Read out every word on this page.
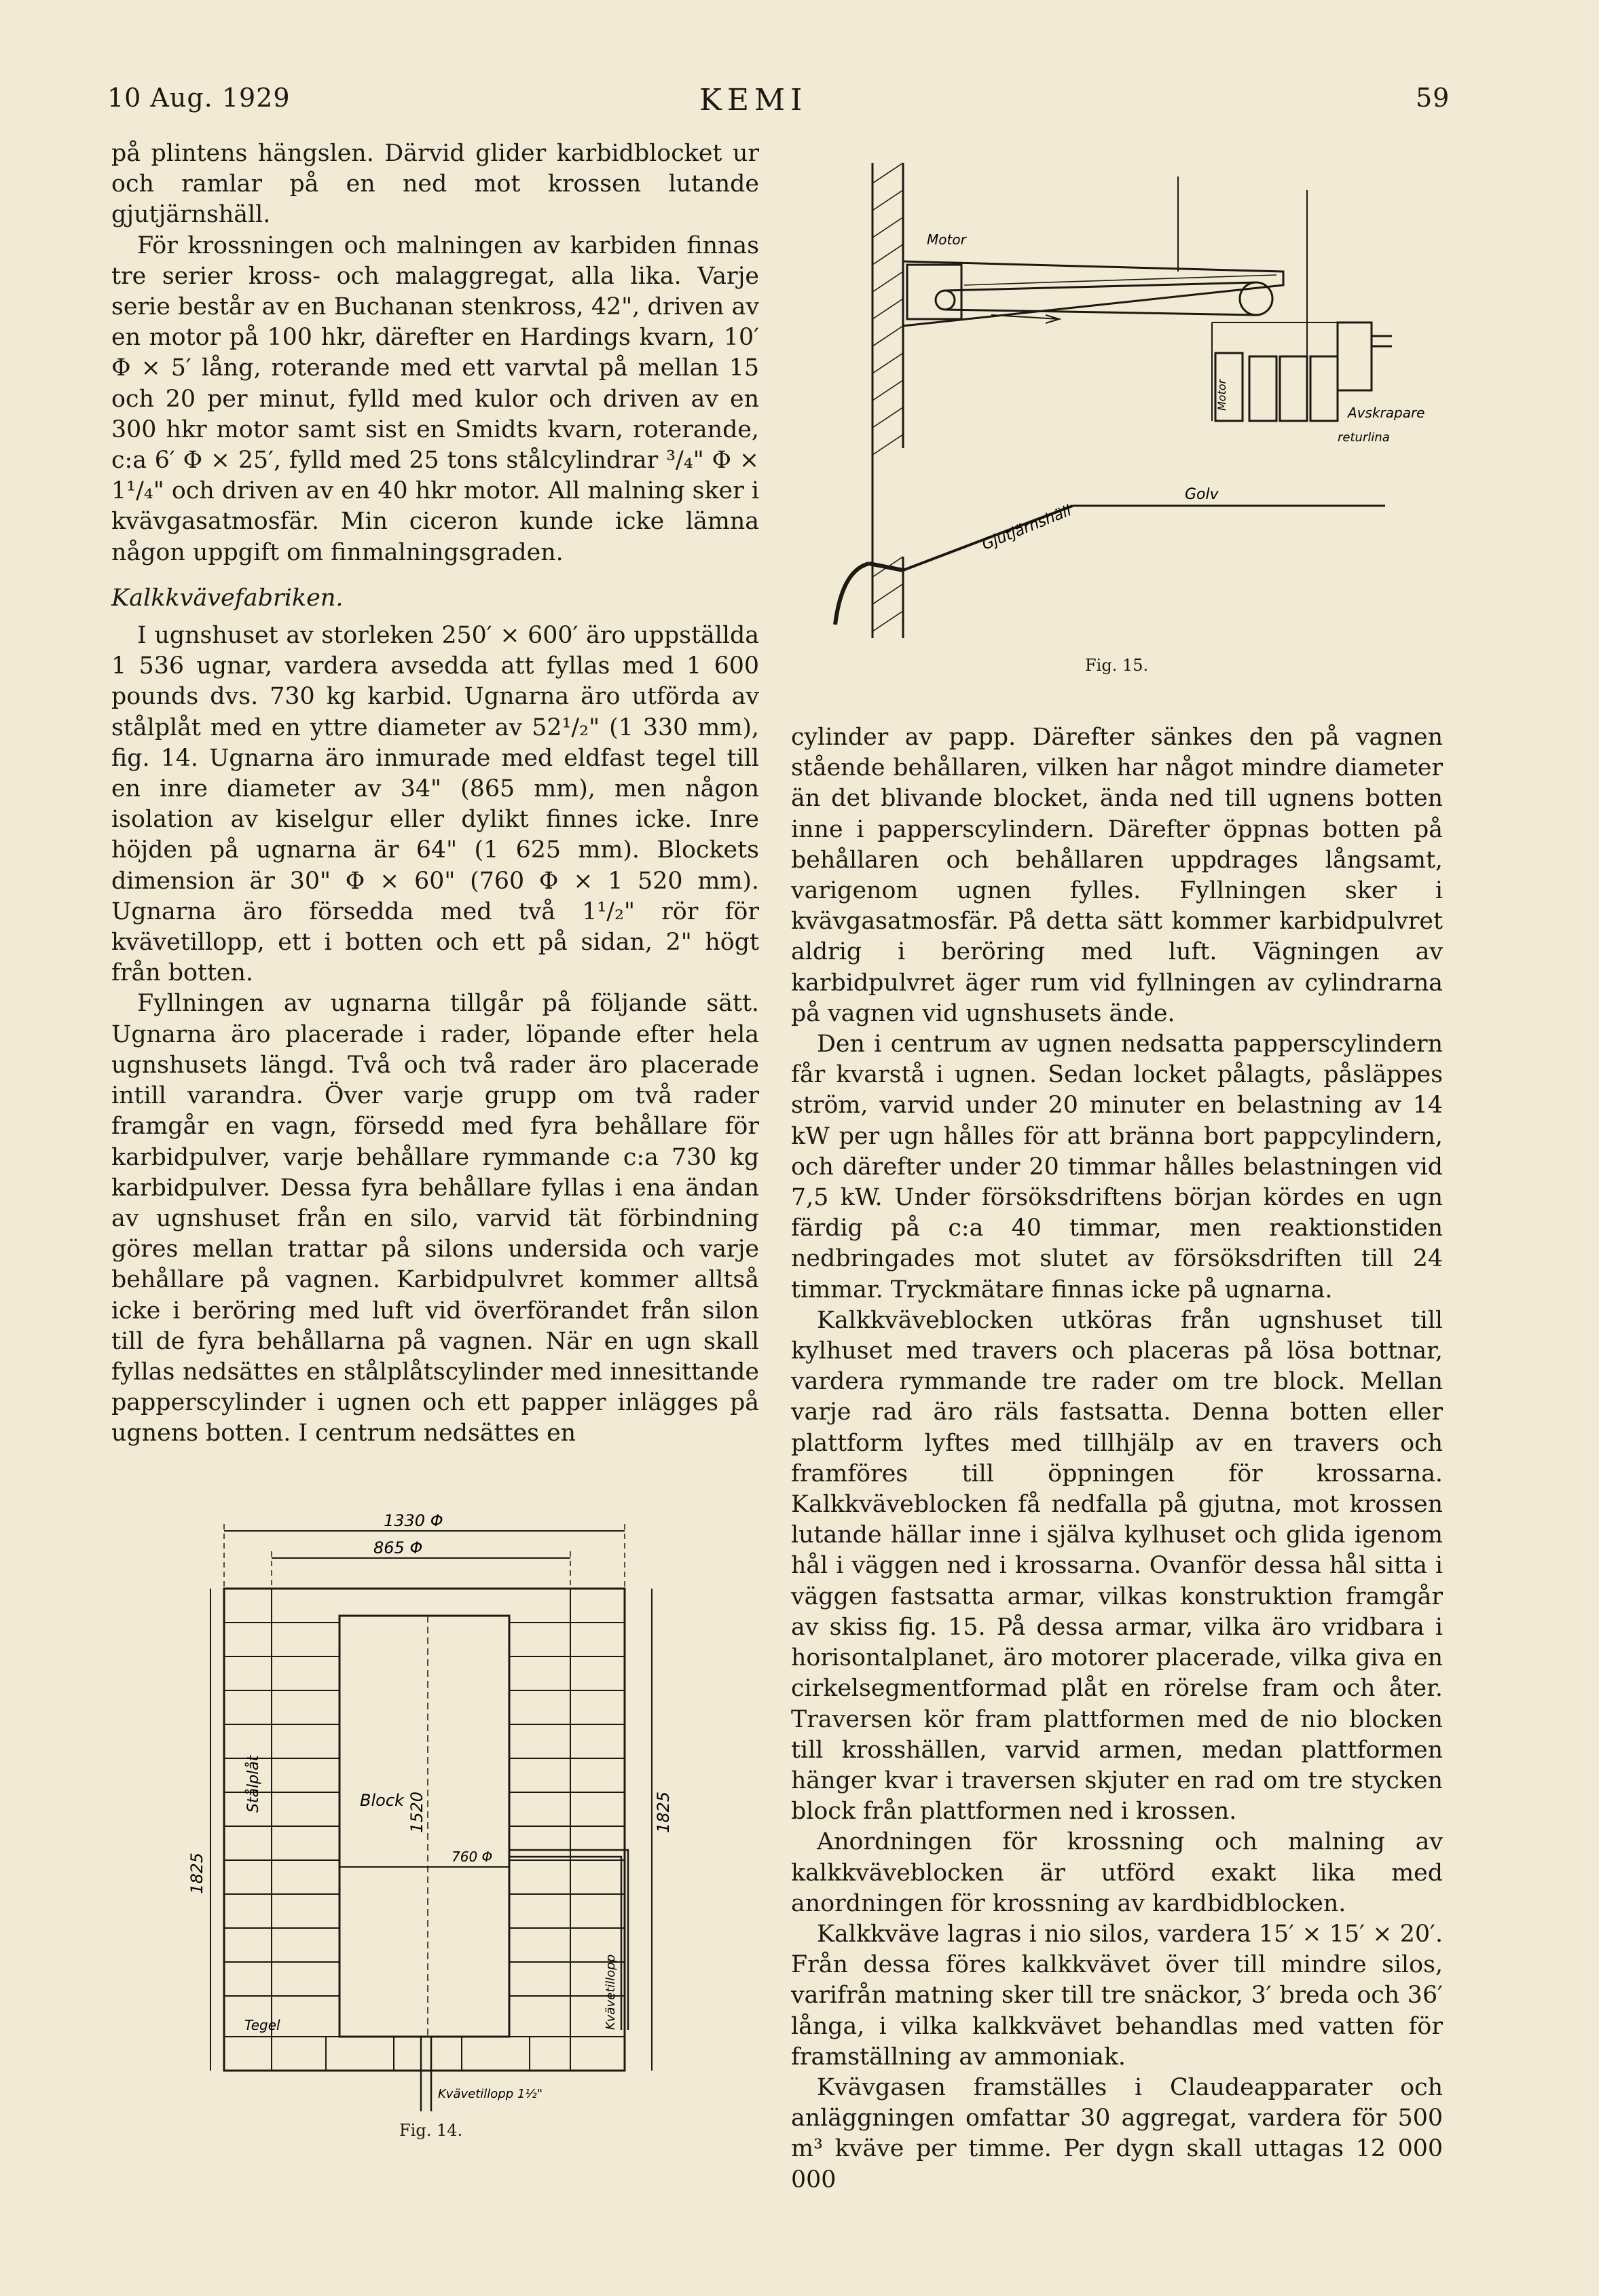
10 Aug. 1929	KEMI	59

på plintens hängslen. Därvid glider karbidblocket ur och ramlar på en ned mot krossen lutande gjutjärnshäll.

För krossningen och malningen av karbiden finnas tre serier kross- och malaggregat, alla lika. Varje serie består av en Buchanan stenkross, 42", driven av en motor på 100 hkr, därefter en Hardings kvarn, 10′ Φ × 5′ lång, roterande med ett varvtal på mellan 15 och 20 per minut, fylld med kulor och driven av en 300 hkr motor samt sist en Smidts kvarn, roterande, c:a 6′ Φ × 25′, fylld med 25 tons stålcylindrar ³/₄" Φ × 1¹/₄" och driven av en 40 hkr motor. All malning sker i kvävgasatmosfär. Min ciceron kunde icke lämna någon uppgift om finmalningsgraden.

Kalkkvävefabriken.

I ugnshuset av storleken 250′ × 600′ äro uppställda 1 536 ugnar, vardera avsedda att fyllas med 1 600 pounds dvs. 730 kg karbid. Ugnarna äro utförda av stålplåt med en yttre diameter av 52¹/₂" (1 330 mm), fig. 14. Ugnarna äro inmurade med eldfast tegel till en inre diameter av 34" (865 mm), men någon isolation av kiselgur eller dylikt finnes icke. Inre höjden på ugnarna är 64" (1 625 mm). Blockets dimension är 30" Φ × 60" (760 Φ × 1 520 mm). Ugnarna äro försedda med två 1¹/₂" rör för kvävetillopp, ett i botten och ett på sidan, 2" högt från botten.

Fyllningen av ugnarna tillgår på följande sätt. Ugnarna äro placerade i rader, löpande efter hela ugnshusets längd. Två och två rader äro placerade intill varandra. Över varje grupp om två rader framgår en vagn, försedd med fyra behållare för karbidpulver, varje behållare rymmande c:a 730 kg karbidpulver. Dessa fyra behållare fyllas i ena ändan av ugnshuset från en silo, varvid tät förbindning göres mellan trattar på silons undersida och varje behållare på vagnen. Karbidpulvret kommer alltså icke i beröring med luft vid överförandet från silon till de fyra behållarna på vagnen. När en ugn skall fyllas nedsättes en stålplåtscylinder med innesittande papperscylinder i ugnen och ett papper inlägges på ugnens botten. I centrum nedsättes en

cylinder av papp. Därefter sänkes den på vagnen stående behållaren, vilken har något mindre diameter än det blivande blocket, ända ned till ugnens botten inne i papperscylindern. Därefter öppnas botten på behållaren och behållaren uppdrages långsamt, varigenom ugnen fylles. Fyllningen sker i kvävgasatmosfär. På detta sätt kommer karbidpulvret aldrig i beröring med luft. Vägningen av karbidpulvret äger rum vid fyllningen av cylindrarna på vagnen vid ugnshusets ände.

Den i centrum av ugnen nedsatta papperscylindern får kvarstå i ugnen. Sedan locket pålagts, påsläppes ström, varvid under 20 minuter en belastning av 14 kW per ugn hålles för att bränna bort pappcylindern, och därefter under 20 timmar hålles belastningen vid 7,5 kW. Under försöksdriftens början kördes en ugn färdig på c:a 40 timmar, men reaktionstiden nedbringades mot slutet av försöksdriften till 24 timmar. Tryckmätare finnas icke på ugnarna.

Kalkkväveblocken utköras från ugnshuset till kylhuset med travers och placeras på lösa bottnar, vardera rymmande tre rader om tre block. Mellan varje rad äro räls fastsatta. Denna botten eller plattform lyftes med tillhjälp av en travers och framföres till öppningen för krossarna. Kalkkväveblocken få nedfalla på gjutna, mot krossen lutande hällar inne i själva kylhuset och glida igenom hål i väggen ned i krossarna. Ovanför dessa hål sitta i väggen fastsatta armar, vilkas konstruktion framgår av skiss fig. 15. På dessa armar, vilka äro vridbara i horisontalplanet, äro motorer placerade, vilka giva en cirkelsegmentformad plåt en rörelse fram och åter. Traversen kör fram plattformen med de nio blocken till krosshällen, varvid armen, medan plattformen hänger kvar i traversen skjuter en rad om tre stycken block från plattformen ned i krossen.

Anordningen för krossning och malning av kalkkväveblocken är utförd exakt lika med anordningen för krossning av kardbidblocken.

Kalkkväve lagras i nio silos, vardera 15′ × 15′ × 20′. Från dessa föres kalkkvävet över till mindre silos, varifrån matning sker till tre snäckor, 3′ breda och 36′ långa, i vilka kalkkvävet behandlas med vatten för framställning av ammoniak.

Kvävgasen framställes i Claudeapparater och anläggningen omfattar 30 aggregat, vardera för 500 m³ kväve per timme. Per dygn skall uttagas 12 000 000

Motor
Motor
Avskrapare
returlina
Golv
Gjutjärnshäll
Fig. 15.
1330 Φ
865 Φ
760 Φ
1825
1825
1520
Stålplåt	Block
Tegel	Kvävetillopp
Kvävetillopp 1½"
Fig. 14.
